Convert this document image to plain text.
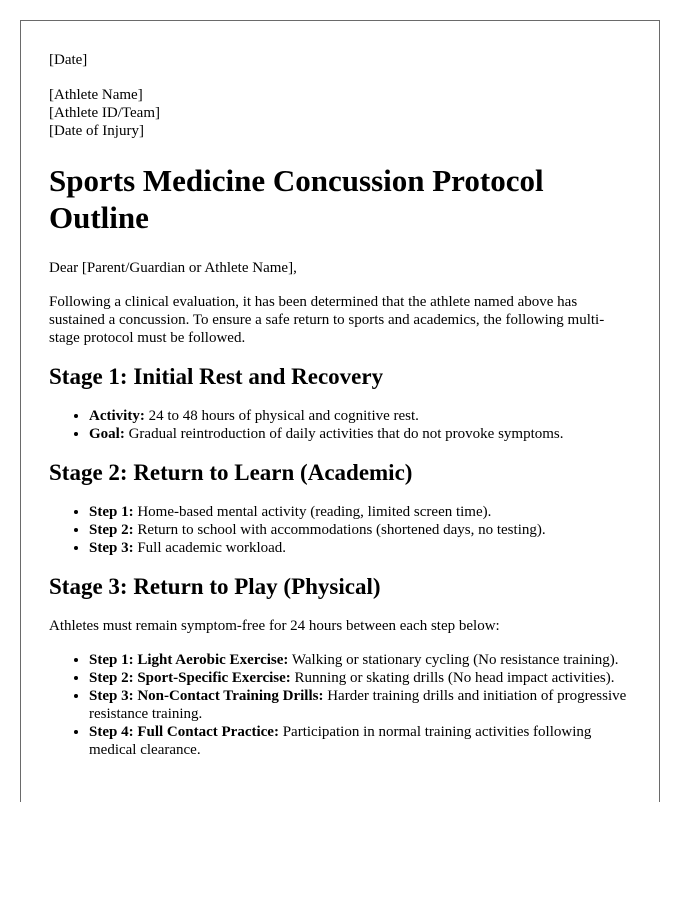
[Date]
[Athlete Name]
[Athlete ID/Team]
[Date of Injury]
Sports Medicine Concussion Protocol Outline

Dear [Parent/Guardian or Athlete Name],

Following a clinical evaluation, it has been determined that the athlete named above has sustained a concussion. To ensure a safe return to sports and academics, the following multi-stage protocol must be followed.

Stage 1: Initial Rest and Recovery
• Activity: 24 to 48 hours of physical and cognitive rest.
• Goal: Gradual reintroduction of daily activities that do not provoke symptoms.
Stage 2: Return to Learn (Academic)
• Step 1: Home-based mental activity (reading, limited screen time).
• Step 2: Return to school with accommodations (shortened days, no testing).
• Step 3: Full academic workload.
Stage 3: Return to Play (Physical)

Athletes must remain symptom-free for 24 hours between each step below:

• Step 1: Light Aerobic Exercise: Walking or stationary cycling (No resistance training).
• Step 2: Sport-Specific Exercise: Running or skating drills (No head impact activities).
• Step 3: Non-Contact Training Drills: Harder training drills and initiation of progressive resistance training.
• Step 4: Full Contact Practice: Participation in normal training activities following medical clearance.
